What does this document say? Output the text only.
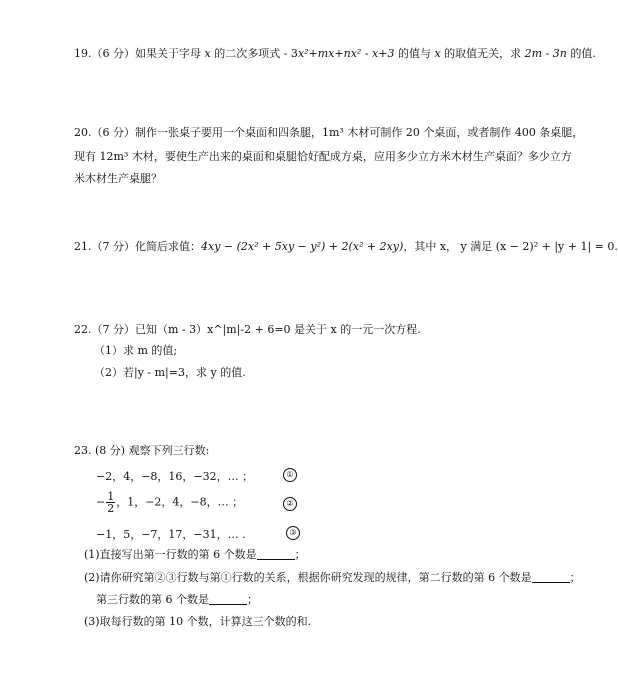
19.（6 分）如果关于字母 x 的二次多项式 - 3x²+mx+nx² - x+3 的值与 x 的取值无关，求 2m - 3n 的值.
20.（6 分）制作一张桌子要用一个桌面和四条腿，1m³ 木材可制作 20 个桌面，或者制作 400 条桌腿，
现有 12m³ 木材，要使生产出来的桌面和桌腿恰好配成方桌，应用多少立方米木材生产桌面？多少立方
米木材生产桌腿？
21.（7 分）化简后求值：4xy − (2x² + 5xy − y²) + 2(x² + 2xy)，其中 x， y 满足 (x − 2)² + |y + 1| = 0.
22.（7 分）已知（m - 3）x^|m|-2 + 6=0 是关于 x 的一元一次方程.
（1）求 m 的值;
（2）若|y - m|=3，求 y 的值.
23. (8 分) 观察下列三行数:
−2，4，−8，16，−32，… ；	①
− $\frac{1}{2}$ ，1，−2，4，−8，… ；	②
−1，5，−7，17，−31，… .	③
(1)直接写出第一行数的第 6 个数是	；
(2)请你研究第②③行数与第①行数的关系，根据你研究发现的规律，第二行数的第 6 个数是	；
第三行数的第 6 个数是	；
(3)取每行数的第 10 个数，计算这三个数的和.
